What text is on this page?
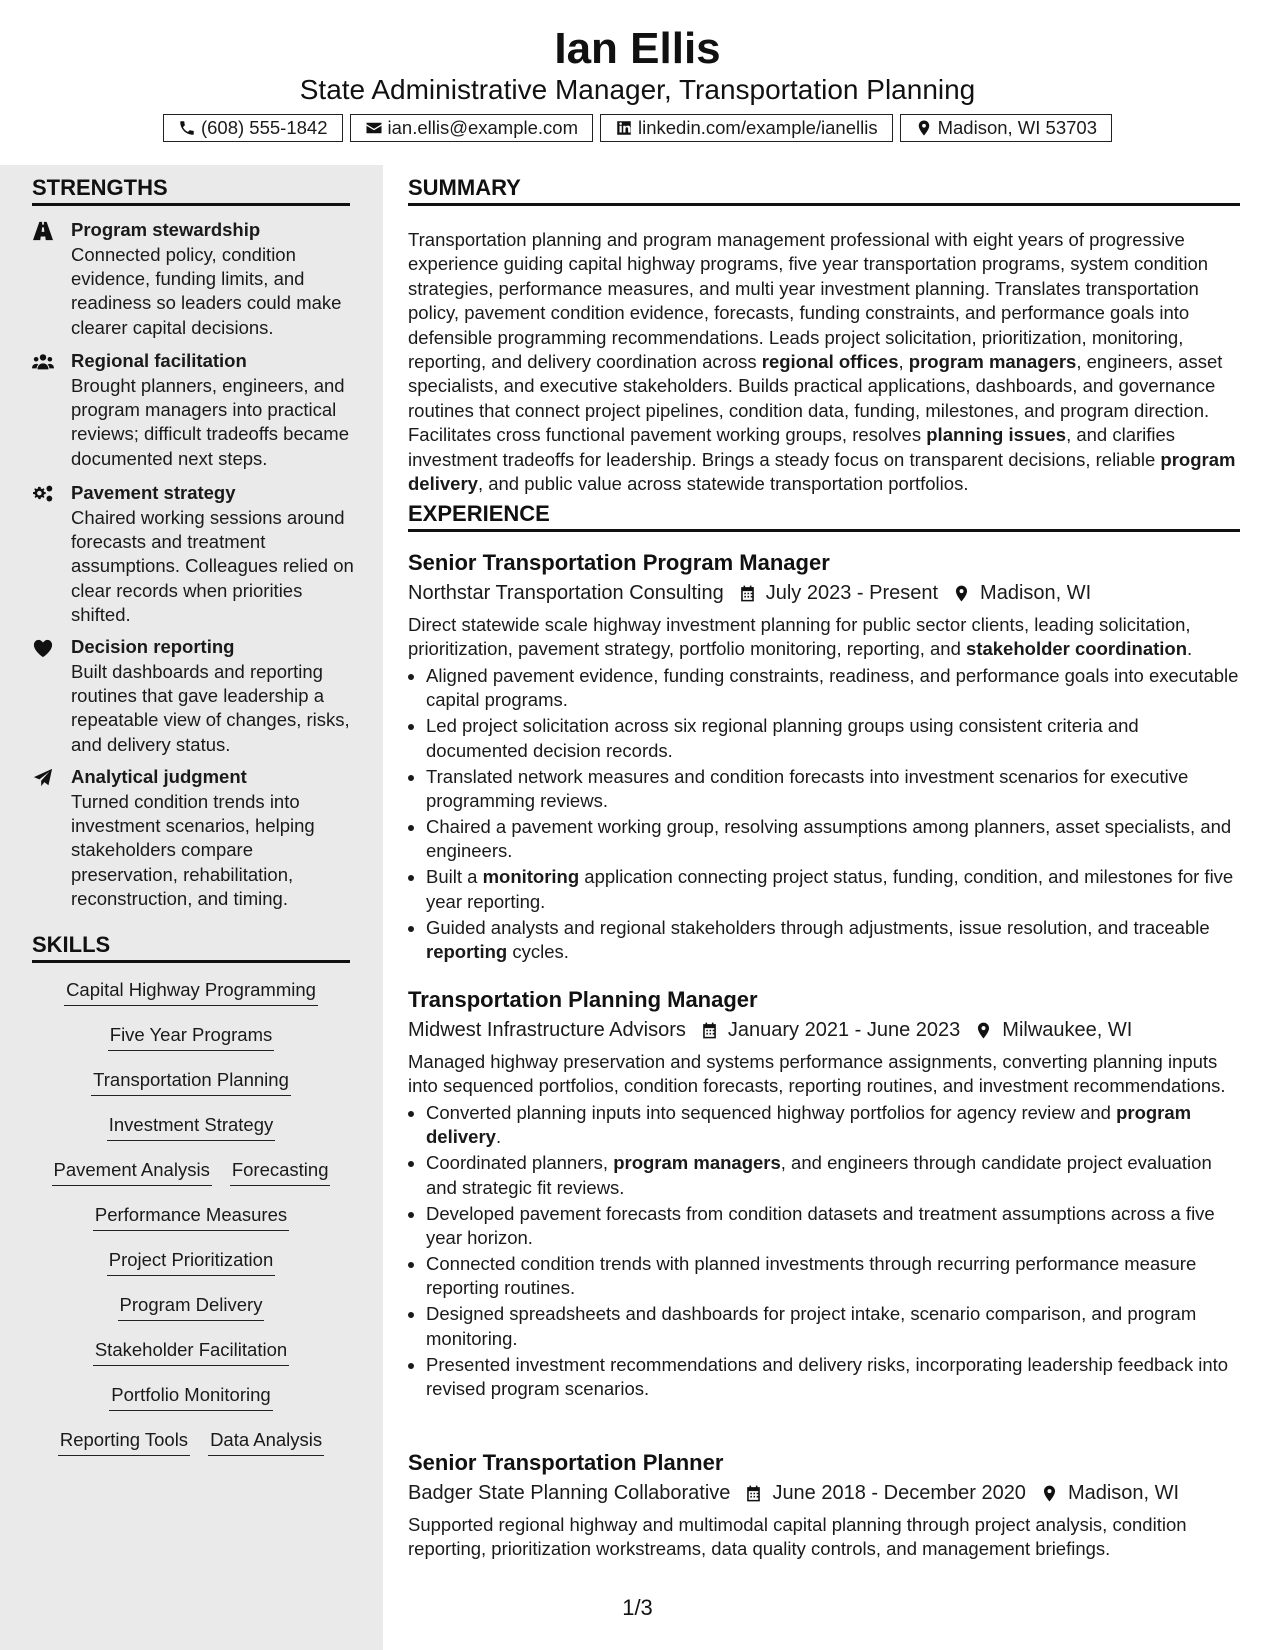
Ian Ellis
State Administrative Manager, Transportation Planning
(608) 555-1842	ian.ellis@example.com	linkedin.com/example/ianellis	Madison, WI 53703
STRENGTHS
Program stewardship
Connected policy, condition evidence, funding limits, and readiness so leaders could make clearer capital decisions.
Regional facilitation
Brought planners, engineers, and program managers into practical reviews; difficult tradeoffs became documented next steps.
Pavement strategy
Chaired working sessions around forecasts and treatment assumptions. Colleagues relied on clear records when priorities shifted.
Decision reporting
Built dashboards and reporting routines that gave leadership a repeatable view of changes, risks, and delivery status.
Analytical judgment
Turned condition trends into investment scenarios, helping stakeholders compare preservation, rehabilitation, reconstruction, and timing.
SKILLS
Capital Highway Programming
Five Year Programs
Transportation Planning
Investment Strategy
Pavement Analysis Forecasting
Performance Measures
Project Prioritization
Program Delivery
Stakeholder Facilitation
Portfolio Monitoring
Reporting Tools Data Analysis
SUMMARY
Transportation planning and program management professional with eight years of progressive experience guiding capital highway programs, five year transportation programs, system condition strategies, performance measures, and multi year investment planning. Translates transportation policy, pavement condition evidence, forecasts, funding constraints, and performance goals into defensible programming recommendations. Leads project solicitation, prioritization, monitoring, reporting, and delivery coordination across regional offices, program managers, engineers, asset specialists, and executive stakeholders. Builds practical applications, dashboards, and governance routines that connect project pipelines, condition data, funding, milestones, and program direction. Facilitates cross functional pavement working groups, resolves planning issues, and clarifies investment tradeoffs for leadership. Brings a steady focus on transparent decisions, reliable program delivery, and public value across statewide transportation portfolios.
EXPERIENCE
Senior Transportation Program Manager
Northstar Transportation Consulting July 2023 - Present Madison, WI
Direct statewide scale highway investment planning for public sector clients, leading solicitation, prioritization, pavement strategy, portfolio monitoring, reporting, and stakeholder coordination.
• Aligned pavement evidence, funding constraints, readiness, and performance goals into executable capital programs.
• Led project solicitation across six regional planning groups using consistent criteria and documented decision records.
• Translated network measures and condition forecasts into investment scenarios for executive programming reviews.
• Chaired a pavement working group, resolving assumptions among planners, asset specialists, and engineers.
• Built a monitoring application connecting project status, funding, condition, and milestones for five year reporting.
• Guided analysts and regional stakeholders through adjustments, issue resolution, and traceable reporting cycles.
Transportation Planning Manager
Midwest Infrastructure Advisors January 2021 - June 2023 Milwaukee, WI
Managed highway preservation and systems performance assignments, converting planning inputs into sequenced portfolios, condition forecasts, reporting routines, and investment recommendations.
• Converted planning inputs into sequenced highway portfolios for agency review and program delivery.
• Coordinated planners, program managers, and engineers through candidate project evaluation and strategic fit reviews.
• Developed pavement forecasts from condition datasets and treatment assumptions across a five year horizon.
• Connected condition trends with planned investments through recurring performance measure reporting routines.
• Designed spreadsheets and dashboards for project intake, scenario comparison, and program monitoring.
• Presented investment recommendations and delivery risks, incorporating leadership feedback into revised program scenarios.
Senior Transportation Planner
Badger State Planning Collaborative June 2018 - December 2020 Madison, WI
Supported regional highway and multimodal capital planning through project analysis, condition reporting, prioritization workstreams, data quality controls, and management briefings.
1/3
